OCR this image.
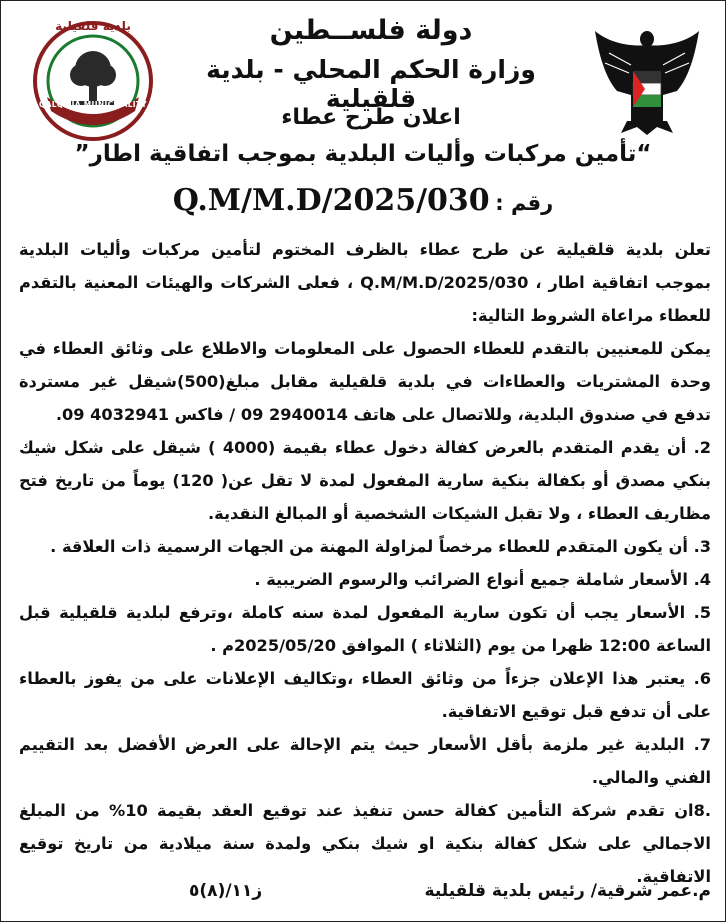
بلدية قلقيلية
QALQILIA MUNICIPALITY
دولة فلســطين
وزارة الحكم المحلي - بلدية قلقيلية
اعلان طرح عطاء
“تأمين مركبات وأليات البلدية بموجب اتفاقية اطار”
رقم : Q.M/M.D/2025/030

تعلن بلدية قلقيلية عن طرح عطاء بالظرف المختوم لتأمين مركبات وأليات البلدية بموجب اتفاقية اطار ، Q.M/M.D/2025/030 ، فعلى الشركات والهيئات المعنية بالتقدم للعطاء مراعاة الشروط التالية:

يمكن للمعنيين بالتقدم للعطاء الحصول على المعلومات والاطلاع على وثائق العطاء في وحدة المشتريات والعطاءات في بلدية قلقيلية مقابل مبلغ(500)شيقل غير مستردة تدفع في صندوق البلدية، وللاتصال على هاتف 2940014 09 / فاكس 4032941 09.

2. أن يقدم المتقدم بالعرض كفالة دخول عطاء بقيمة (4000 ) شيقل على شكل شيك بنكي مصدق أو بكفالة بنكية سارية المفعول لمدة لا تقل عن( 120) يوماً من تاريخ فتح مظاريف العطاء ، ولا تقبل الشيكات الشخصية أو المبالغ النقدية.

3. أن يكون المتقدم للعطاء مرخصاً لمزاولة المهنة من الجهات الرسمية ذات العلاقة .

4. الأسعار شاملة جميع أنواع الضرائب والرسوم الضريبية .

5. الأسعار يجب أن تكون سارية المفعول لمدة سنه كاملة ،وترفع لبلدية قلقيلية قبل الساعة 12:00 ظهرا من يوم (الثلاثاء ) الموافق 2025/05/20م .

6. يعتبر هذا الإعلان جزءاً من وثائق العطاء ،وتكاليف الإعلانات على من يفوز بالعطاء على أن تدفع قبل توقيع الاتفاقية.

7. البلدية غير ملزمة بأقل الأسعار حيث يتم الإحالة على العرض الأفضل بعد التقييم الفني والمالي.

.8ان تقدم شركة التأمين كفالة حسن تنفيذ عند توقيع العقد بقيمة 10% من المبلغ الاجمالي على شكل كفالة بنكية او شيك بنكي ولمدة سنة ميلادية من تاريخ توقيع الاتفاقية.

م.عمر شرقية/ رئيس بلدية قلقيلية
ز١١/(٨)٥
